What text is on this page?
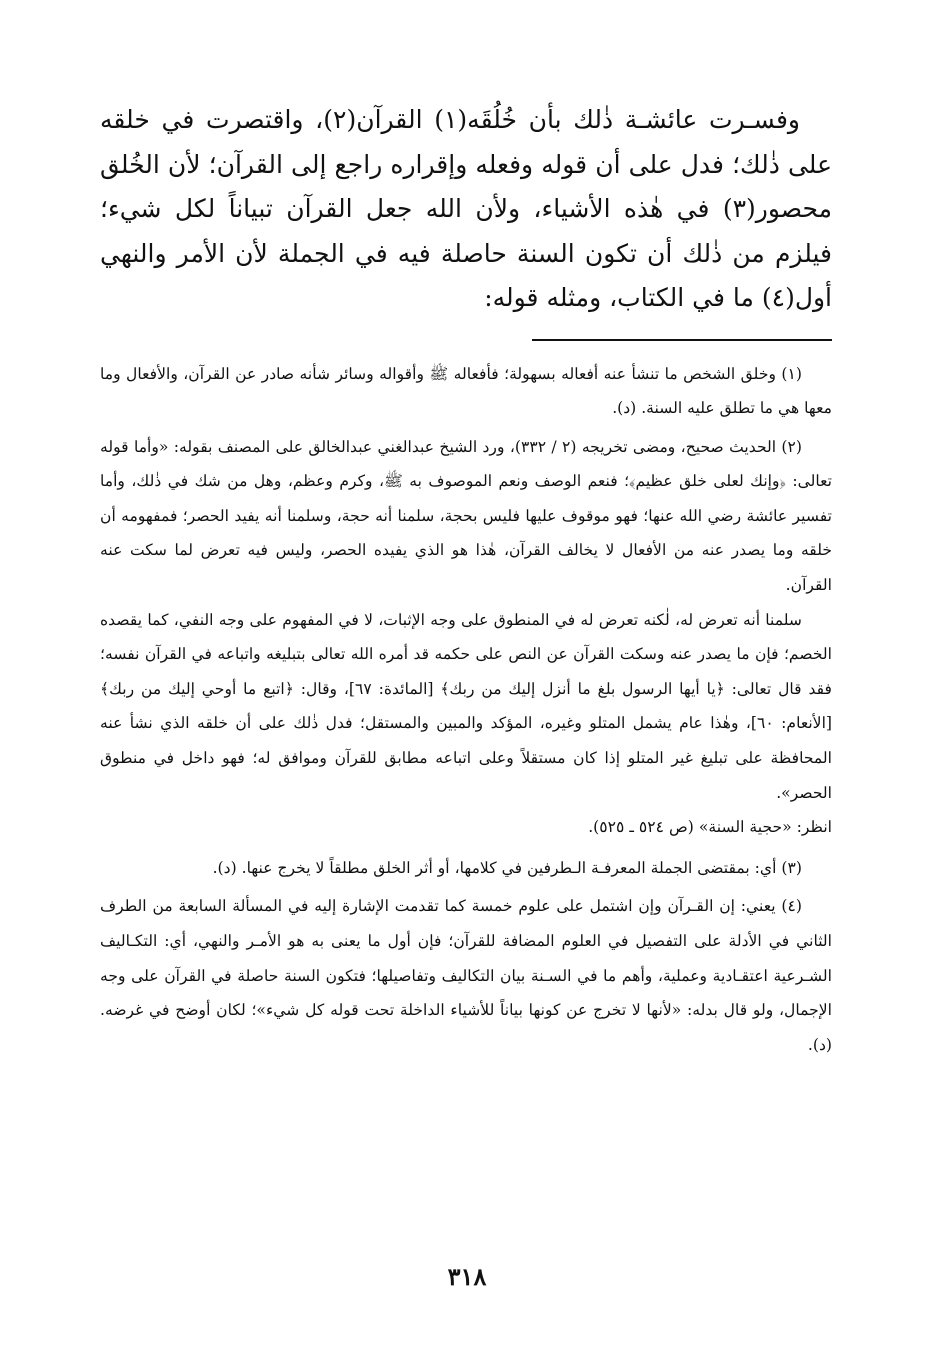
وفسـرت عائشـة ذٰلك بأن خُلُقَه(١) القرآن(٢)، واقتصرت في خلقه على ذٰلك؛ فدل على أن قوله وفعله وإقراره راجع إلى القرآن؛ لأن الخُلق محصور(٣) في هٰذه الأشياء، ولأن الله جعل القرآن تبياناً لكل شيء؛ فيلزم من ذٰلك أن تكون السنة حاصلة فيه في الجملة لأن الأمر والنهي أول(٤) ما في الكتاب، ومثله قوله:

(١) وخلق الشخص ما تنشأ عنه أفعاله بسهولة؛ فأفعاله ﷺ وأقواله وسائر شأنه صادر عن القرآن، والأفعال وما معها هي ما تطلق عليه السنة. (د).

(٢) الحديث صحيح، ومضى تخريجه (٢ / ٣٣٢)، ورد الشيخ عبدالغني عبدالخالق على المصنف بقوله: «وأما قوله تعالى: ﴿وإنك لعلى خلق عظيم﴾؛ فنعم الوصف ونعم الموصوف به ﷺ، وكرم وعظم، وهل من شك في ذٰلك، وأما تفسير عائشة رضي الله عنها؛ فهو موقوف عليها فليس بحجة، سلمنا أنه حجة، وسلمنا أنه يفيد الحصر؛ فمفهومه أن خلقه وما يصدر عنه من الأفعال لا يخالف القرآن، هٰذا هو الذي يفيده الحصر، وليس فيه تعرض لما سكت عنه القرآن.

سلمنا أنه تعرض له، لٰكنه تعرض له في المنطوق على وجه الإثبات، لا في المفهوم على وجه النفي، كما يقصده الخصم؛ فإن ما يصدر عنه وسكت القرآن عن النص على حكمه قد أمره الله تعالى بتبليغه واتباعه في القرآن نفسه؛ فقد قال تعالى: ﴿يا أيها الرسول بلغ ما أنزل إليك من ربك﴾ [المائدة: ٦٧]، وقال: ﴿اتبع ما أوحي إليك من ربك﴾ [الأنعام: ٦٠]، وهٰذا عام يشمل المتلو وغيره، المؤكد والمبين والمستقل؛ فدل ذٰلك على أن خلقه الذي نشأ عنه المحافظة على تبليغ غير المتلو إذا كان مستقلاً وعلى اتباعه مطابق للقرآن وموافق له؛ فهو داخل في منطوق الحصر».

انظر: «حجية السنة» (ص ٥٢٤ ـ ٥٢٥).

(٣) أي: بمقتضى الجملة المعرفـة الـطرفين في كلامها، أو أثر الخلق مطلقاً لا يخرج عنها. (د).

(٤) يعني: إن القـرآن وإن اشتمل على علوم خمسة كما تقدمت الإشارة إليه في المسألة السابعة من الطرف الثاني في الأدلة على التفصيل في العلوم المضافة للقرآن؛ فإن أول ما يعنى به هو الأمـر والنهي، أي: التكـاليف الشـرعية اعتقـادية وعملية، وأهم ما في السـنة بيان التكاليف وتفاصيلها؛ فتكون السنة حاصلة في القرآن على وجه الإجمال، ولو قال بدله: «لأنها لا تخرج عن كونها بياناً للأشياء الداخلة تحت قوله كل شيء»؛ لكان أوضح في غرضه. (د).

٣١٨
